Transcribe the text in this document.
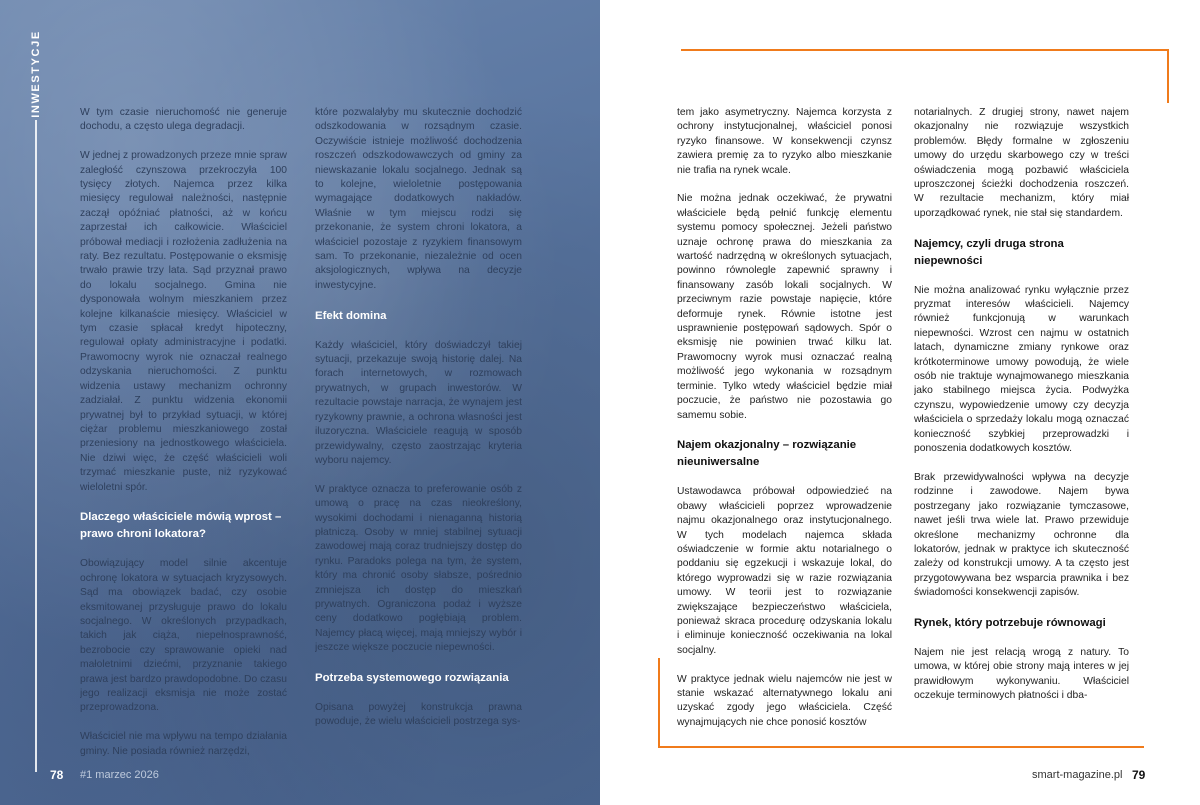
INWESTYCJE	W tym czasie nieruchomość nie generuje dochodu, a często ulega degradacji.

W jednej z prowadzonych przeze mnie spraw zaległość czynszowa przekroczyła 100 tysięcy złotych. Najemca przez kilka miesięcy regulował należności, następnie zaczął opóźniać płatności, aż w końcu zaprzestał ich całkowicie. Właściciel próbował mediacji i rozłożenia zadłużenia na raty. Bez rezultatu. Postępowanie o eksmisję trwało prawie trzy lata. Sąd przyznał prawo do lokalu socjalnego. Gmina nie dysponowała wolnym mieszkaniem przez kolejne kilkanaście miesięcy. Właściciel w tym czasie spłacał kredyt hipoteczny, regulował opłaty administracyjne i podatki. Prawomocny wyrok nie oznaczał realnego odzyskania nieruchomości. Z punktu widzenia ustawy mechanizm ochronny zadziałał. Z punktu widzenia ekonomii prywatnej był to przykład sytuacji, w której ciężar problemu mieszkaniowego został przeniesiony na jednostkowego właściciela. Nie dziwi więc, że część właścicieli woli trzymać mieszkanie puste, niż ryzykować wieloletni spór.

Dlaczego właściciele mówią wprost – prawo chroni lokatora?

Obowiązujący model silnie akcentuje ochronę lokatora w sytuacjach kryzysowych. Sąd ma obowiązek badać, czy osobie eksmitowanej przysługuje prawo do lokalu socjalnego. W określonych przypadkach, takich jak ciąża, niepełnosprawność, bezrobocie czy sprawowanie opieki nad małoletnimi dziećmi, przyznanie takiego prawa jest bardzo prawdopodobne. Do czasu jego realizacji eksmisja nie może zostać przeprowadzona.

Właściciel nie ma wpływu na tempo działania gminy. Nie posiada również narzędzi,

które pozwalałyby mu skutecznie dochodzić odszkodowania w rozsądnym czasie. Oczywiście istnieje możliwość dochodzenia roszczeń odszkodowawczych od gminy za niewskazanie lokalu socjalnego. Jednak są to kolejne, wieloletnie postępowania wymagające dodatkowych nakładów. Właśnie w tym miejscu rodzi się przekonanie, że system chroni lokatora, a właściciel pozostaje z ryzykiem finansowym sam. To przekonanie, niezależnie od ocen aksjologicznych, wpływa na decyzje inwestycyjne.

Efekt domina

Każdy właściciel, który doświadczył takiej sytuacji, przekazuje swoją historię dalej. Na forach internetowych, w rozmowach prywatnych, w grupach inwestorów. W rezultacie powstaje narracja, że wynajem jest ryzykowny prawnie, a ochrona własności jest iluzoryczna. Właściciele reagują w sposób przewidywalny, często zaostrzając kryteria wyboru najemcy.

W praktyce oznacza to preferowanie osób z umową o pracę na czas nieokreślony, wysokimi dochodami i nienaganną historią płatniczą. Osoby w mniej stabilnej sytuacji zawodowej mają coraz trudniejszy dostęp do rynku. Paradoks polega na tym, że system, który ma chronić osoby słabsze, pośrednio zmniejsza ich dostęp do mieszkań prywatnych. Ograniczona podaż i wyższe ceny dodatkowo pogłębiają problem. Najemcy płacą więcej, mają mniejszy wybór i jeszcze większe poczucie niepewności.

Potrzeba systemowego rozwiązania

Opisana powyżej konstrukcja prawna powoduje, że wielu właścicieli postrzega sys-

78 #1 marzec 2026

tem jako asymetryczny. Najemca korzysta z ochrony instytucjonalnej, właściciel ponosi ryzyko finansowe. W konsekwencji czynsz zawiera premię za to ryzyko albo mieszkanie nie trafia na rynek wcale.

Nie można jednak oczekiwać, że prywatni właściciele będą pełnić funkcję elementu systemu pomocy społecznej. Jeżeli państwo uznaje ochronę prawa do mieszkania za wartość nadrzędną w określonych sytuacjach, powinno równolegle zapewnić sprawny i finansowany zasób lokali socjalnych. W przeciwnym razie powstaje napięcie, które deformuje rynek. Równie istotne jest usprawnienie postępowań sądowych. Spór o eksmisję nie powinien trwać kilku lat. Prawomocny wyrok musi oznaczać realną możliwość jego wykonania w rozsądnym terminie. Tylko wtedy właściciel będzie miał poczucie, że państwo nie pozostawia go samemu sobie.

Najem okazjonalny – rozwiązanie nieuniwersalne

Ustawodawca próbował odpowiedzieć na obawy właścicieli poprzez wprowadzenie najmu okazjonalnego oraz instytucjonalnego. W tych modelach najemca składa oświadczenie w formie aktu notarialnego o poddaniu się egzekucji i wskazuje lokal, do którego wyprowadzi się w razie rozwiązania umowy. W teorii jest to rozwiązanie zwiększające bezpieczeństwo właściciela, ponieważ skraca procedurę odzyskania lokalu i eliminuje konieczność oczekiwania na lokal socjalny.

W praktyce jednak wielu najemców nie jest w stanie wskazać alternatywnego lokalu ani uzyskać zgody jego właściciela. Część wynajmujących nie chce ponosić kosztów

notarialnych. Z drugiej strony, nawet najem okazjonalny nie rozwiązuje wszystkich problemów. Błędy formalne w zgłoszeniu umowy do urzędu skarbowego czy w treści oświadczenia mogą pozbawić właściciela uproszczonej ścieżki dochodzenia roszczeń. W rezultacie mechanizm, który miał uporządkować rynek, nie stał się standardem.

Najemcy, czyli druga strona niepewności

Nie można analizować rynku wyłącznie przez pryzmat interesów właścicieli. Najemcy również funkcjonują w warunkach niepewności. Wzrost cen najmu w ostatnich latach, dynamiczne zmiany rynkowe oraz krótkoterminowe umowy powodują, że wiele osób nie traktuje wynajmowanego mieszkania jako stabilnego miejsca życia. Podwyżka czynszu, wypowiedzenie umowy czy decyzja właściciela o sprzedaży lokalu mogą oznaczać konieczność szybkiej przeprowadzki i ponoszenia dodatkowych kosztów.

Brak przewidywalności wpływa na decyzje rodzinne i zawodowe. Najem bywa postrzegany jako rozwiązanie tymczasowe, nawet jeśli trwa wiele lat. Prawo przewiduje określone mechanizmy ochronne dla lokatorów, jednak w praktyce ich skuteczność zależy od konstrukcji umowy. A ta często jest przygotowywana bez wsparcia prawnika i bez świadomości konsekwencji zapisów.

Rynek, który potrzebuje równowagi

Najem nie jest relacją wrogą z natury. To umowa, w której obie strony mają interes w jej prawidłowym wykonywaniu. Właściciel oczekuje terminowych płatności i dba-

smart-magazine.pl 79
